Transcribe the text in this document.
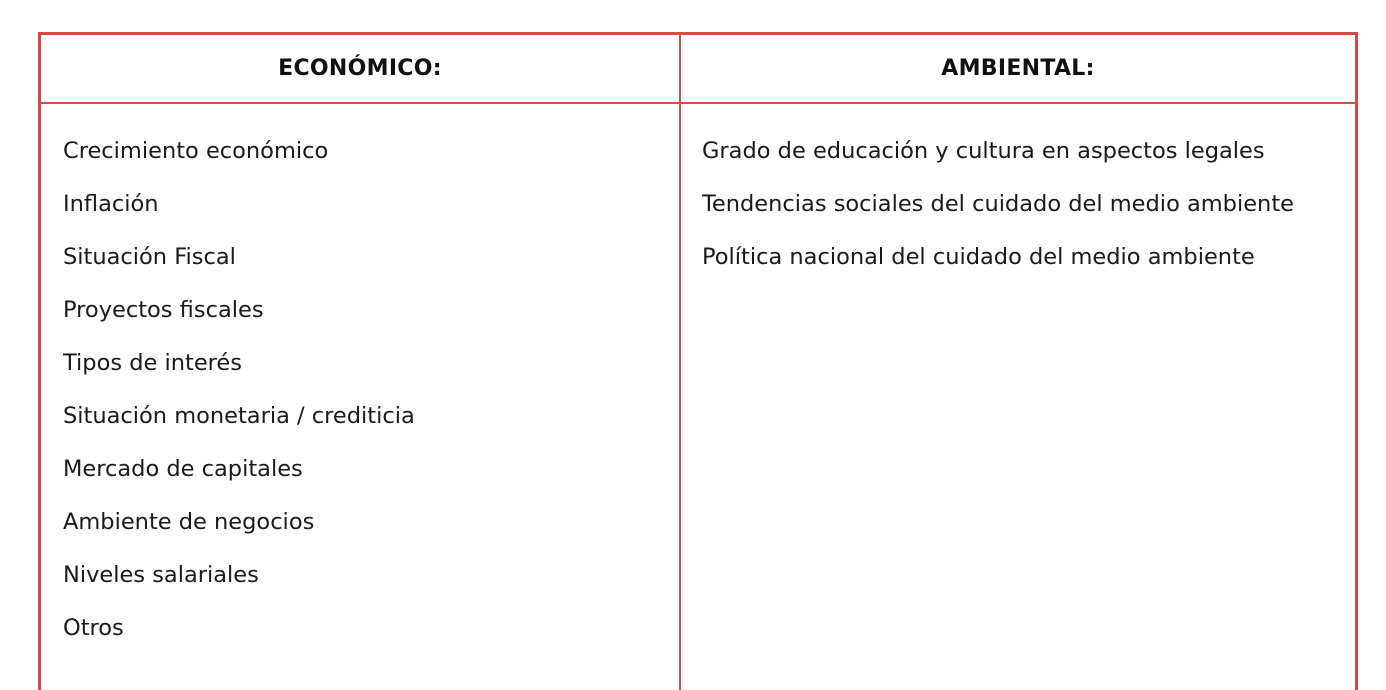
ECONÓMICO:	AMBIENTAL:
Crecimiento económico
Inflación
Situación Fiscal
Proyectos fiscales
Tipos de interés
Situación monetaria / crediticia
Mercado de capitales
Ambiente de negocios
Niveles salariales
Otros
Grado de educación y cultura en aspectos legales
Tendencias sociales del cuidado del medio ambiente
Política nacional del cuidado del medio ambiente
